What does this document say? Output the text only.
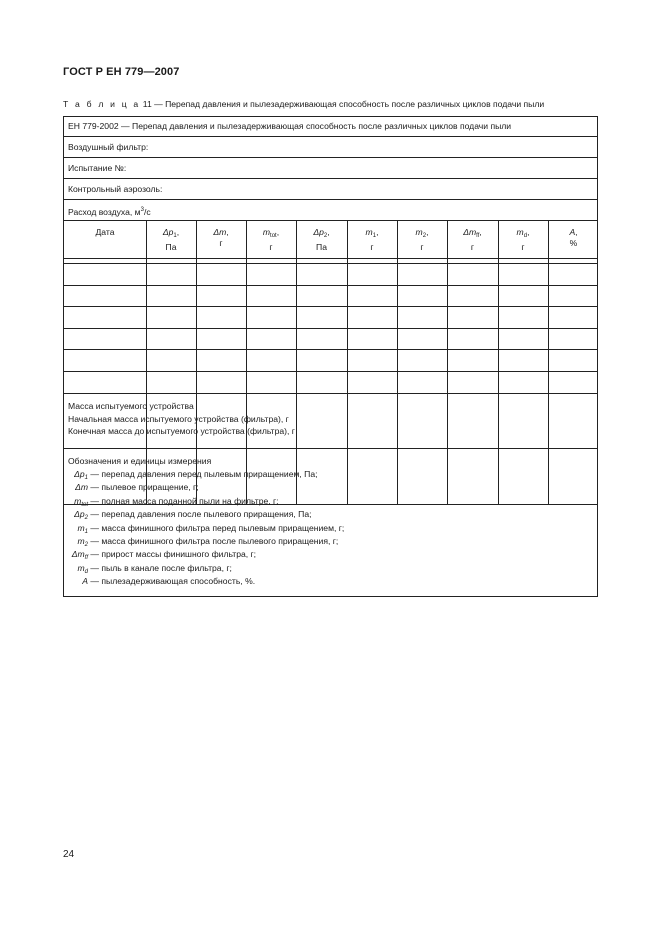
ГОСТ Р ЕН 779—2007
Т а б л и ц а 11 — Перепад давления и пылезадерживающая способность после различных циклов подачи пыли
ЕН 779-2002 — Перепад давления и пылезадерживающая способность после различных циклов подачи пыли
Воздушный фильтр:
Испытание №:
Контрольный аэрозоль:
Расход воздуха, $м^3/с$
Дата	$\Delta p_1$,
Па
Δm,
г
$m_{tot}$,
г
$\Delta p_2$,
Па
$m_1$,
г
$m_2$,
г
$\Delta m_{ff}$,
г
$m_d$,
г
A,
%
Масса испытуемого устройства
Начальная масса испытуемого устройства (фильтра), г
Конечная масса до испытуемого устройства (фильтра), г
Обозначения и единицы измерения
$\Delta p_1$ — перепад давления перед пылевым приращением, Па;
Δm — пылевое приращение, г;
$m_{tot}$ — полная масса поданной пыли на фильтре, г;
$\Delta p_2$ — перепад давления после пылевого приращения, Па;
$m_1$ — масса финишного фильтра перед пылевым приращением, г;
$m_2$ — масса финишного фильтра после пылевого приращения, г;
$\Delta m_{ff}$ — прирост массы финишного фильтра, г;
$m_d$ — пыль в канале после фильтра, г;
A — пылезадерживающая способность, %.
24
